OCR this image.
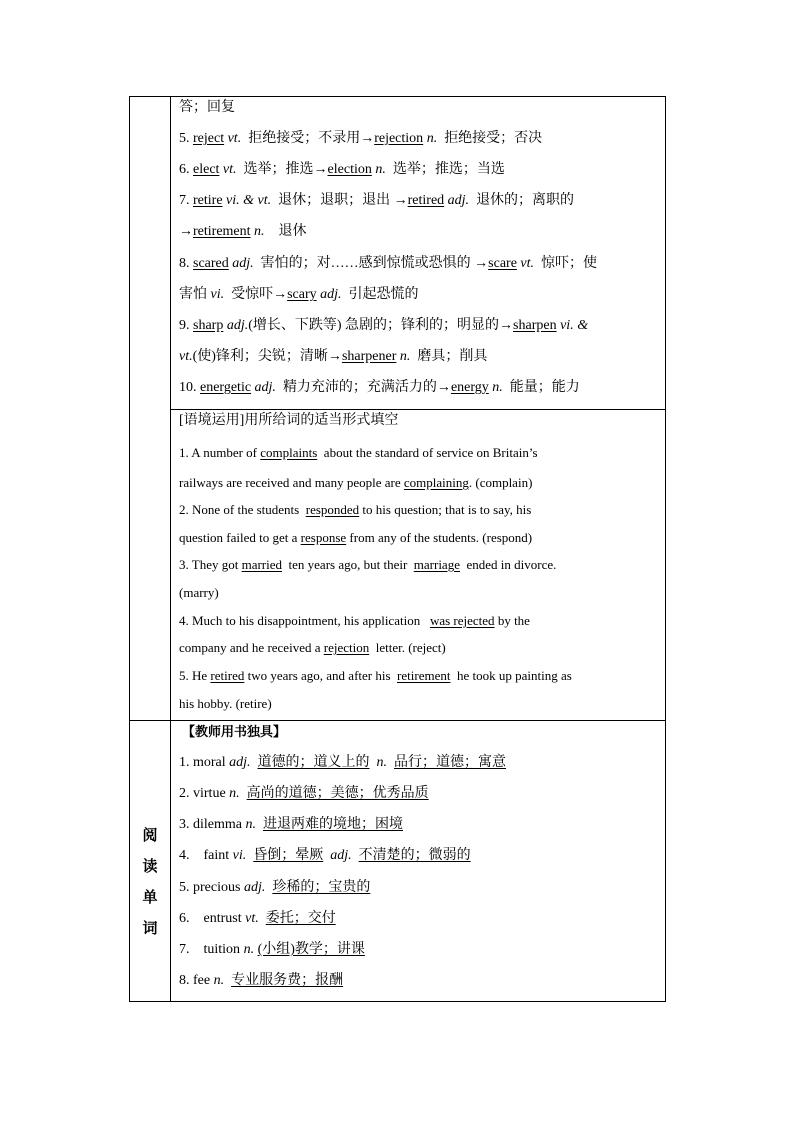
答；回复
5. reject vt. 拒绝接受；不录用→rejection n. 拒绝接受；否决
6. elect vt. 选举；推选→election n. 选举；推选；当选
7. retire vi. & vt. 退休；退职；退出 →retired adj. 退休的；离职的
→retirement n. 退休
8. scared adj. 害怕的；对……感到惊慌或恐惧的 →scare vt. 惊吓；使
害怕 vi. 受惊吓→scary adj. 引起恐慌的
9. sharp adj.(增长、下跌等) 急剧的；锋利的；明显的→sharpen vi. &
vt.(使)锋利；尖锐；清晰→sharpener n. 磨具；削具
10. energetic adj. 精力充沛的；充满活力的→energy n. 能量；能力
[语境运用]用所给词的适当形式填空
1. A number of complaints about the standard of service on Britain’s
railways are received and many people are complaining. (complain)
2. None of the students responded to his question; that is to say, his
question failed to get a response from any of the students. (respond)
3. They got married ten years ago, but their marriage ended in divorce.
(marry)
4. Much to his disappointment, his application was rejected by the
company and he received a rejection letter. (reject)
5. He retired two years ago, and after his retirement he took up painting as
his hobby. (retire)
阅
读
单
词
【教师用书独具】
1. moral adj. 道德的；道义上的 n. 品行；道德；寓意
2. virtue n. 高尚的道德；美德；优秀品质
3. dilemma n. 进退两难的境地；困境
4.    faint vi. 昏倒；晕厥 adj. 不清楚的；微弱的
5. precious adj. 珍稀的；宝贵的
6.    entrust vt. 委托；交付
7.    tuition n. (小组)教学；讲课
8. fee n. 专业服务费；报酬
